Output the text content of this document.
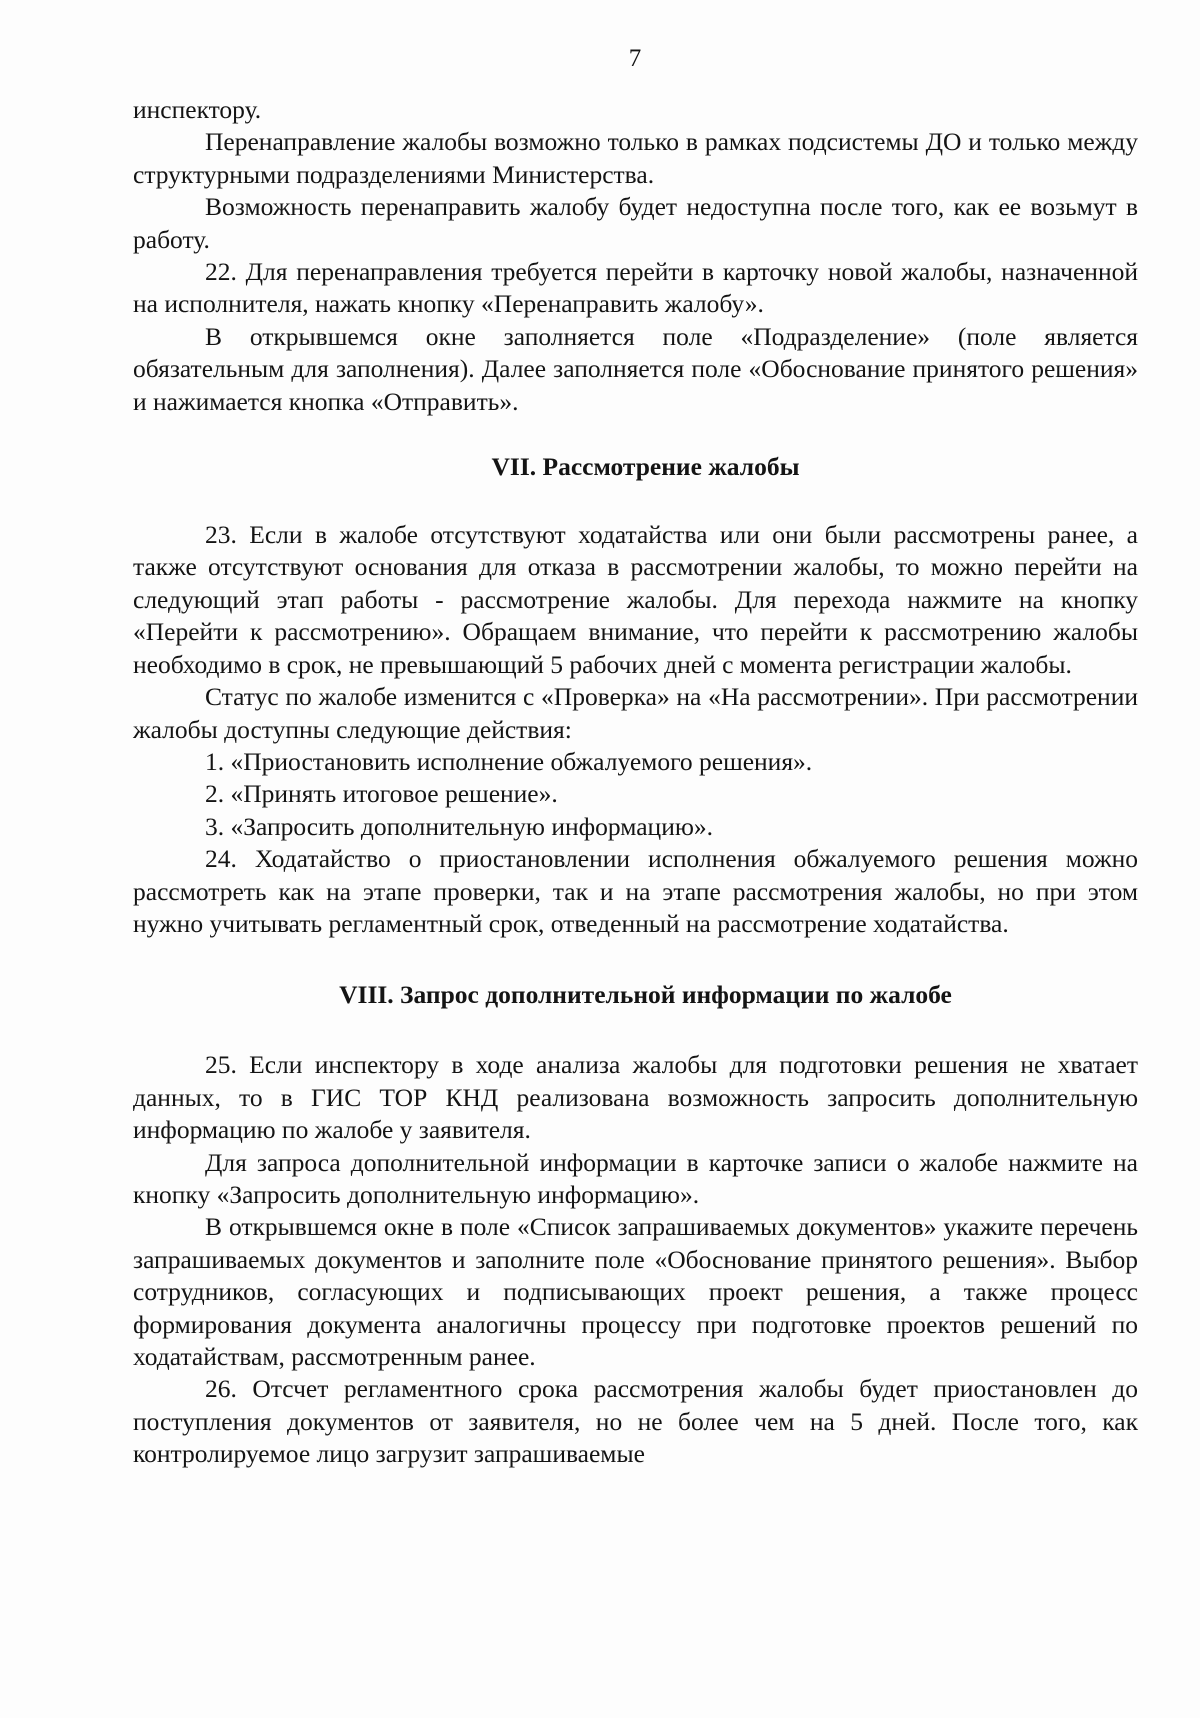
7

инспектору.

Перенаправление жалобы возможно только в рамках подсистемы ДО и только между структурными подразделениями Министерства.

Возможность перенаправить жалобу будет недоступна после того, как ее возьмут в работу.

22. Для перенаправления требуется перейти в карточку новой жалобы, назначенной на исполнителя, нажать кнопку «Перенаправить жалобу».

В открывшемся окне заполняется поле «Подразделение» (поле является обязательным для заполнения). Далее заполняется поле «Обоснование принятого решения» и нажимается кнопка «Отправить».

VII. Рассмотрение жалобы

23. Если в жалобе отсутствуют ходатайства или они были рассмотрены ранее, а также отсутствуют основания для отказа в рассмотрении жалобы, то можно перейти на следующий этап работы - рассмотрение жалобы. Для перехода нажмите на кнопку «Перейти к рассмотрению». Обращаем внимание, что перейти к рассмотрению жалобы необходимо в срок, не превышающий 5 рабочих дней с момента регистрации жалобы.

Статус по жалобе изменится с «Проверка» на «На рассмотрении». При рассмотрении жалобы доступны следующие действия:

1. «Приостановить исполнение обжалуемого решения».

2. «Принять итоговое решение».

3. «Запросить дополнительную информацию».

24. Ходатайство о приостановлении исполнения обжалуемого решения можно рассмотреть как на этапе проверки, так и на этапе рассмотрения жалобы, но при этом нужно учитывать регламентный срок, отведенный на рассмотрение ходатайства.

VIII. Запрос дополнительной информации по жалобе

25. Если инспектору в ходе анализа жалобы для подготовки решения не хватает данных, то в ГИС ТОР КНД реализована возможность запросить дополнительную информацию по жалобе у заявителя.

Для запроса дополнительной информации в карточке записи о жалобе нажмите на кнопку «Запросить дополнительную информацию».

В открывшемся окне в поле «Список запрашиваемых документов» укажите перечень запрашиваемых документов и заполните поле «Обоснование принятого решения». Выбор сотрудников, согласующих и подписывающих проект решения, а также процесс формирования документа аналогичны процессу при подготовке проектов решений по ходатайствам, рассмотренным ранее.

26. Отсчет регламентного срока рассмотрения жалобы будет приостановлен до поступления документов от заявителя, но не более чем на 5 дней. После того, как контролируемое лицо загрузит запрашиваемые
